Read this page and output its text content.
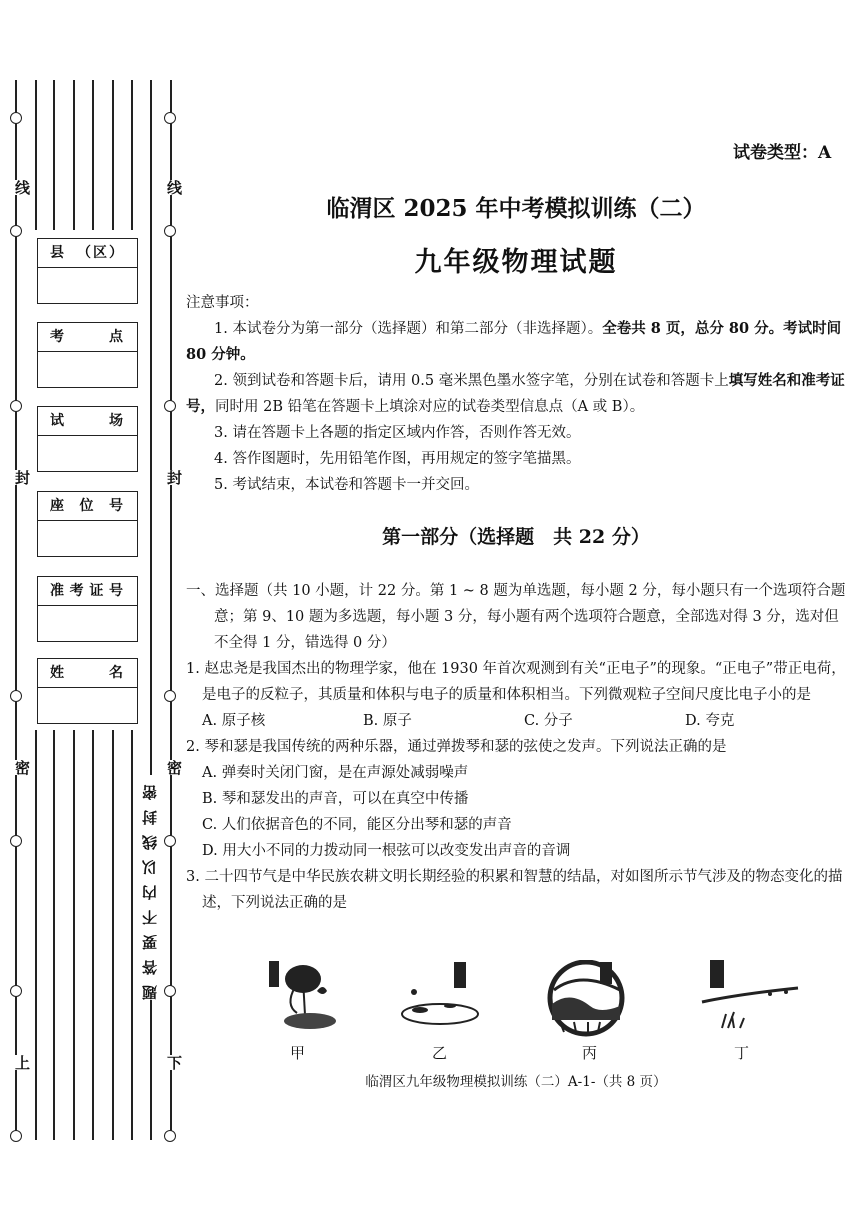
线
封
密
上
线
封
密
下
县 （区）
考	点
试	场
座 位 号
准 考 证 号
姓	名
题答要不内以线封密
试卷类型：A
临渭区 2025 年中考模拟训练（二）
九年级物理试题

注意事项：

1. 本试卷分为第一部分（选择题）和第二部分（非选择题）。全卷共 8 页，总分 80 分。考试时间 80 分钟。

2. 领到试卷和答题卡后，请用 0.5 毫米黑色墨水签字笔，分别在试卷和答题卡上填写姓名和准考证号，同时用 2B 铅笔在答题卡上填涂对应的试卷类型信息点（A 或 B）。

3. 请在答题卡上各题的指定区域内作答，否则作答无效。

4. 答作图题时，先用铅笔作图，再用规定的签字笔描黑。

5. 考试结束，本试卷和答题卡一并交回。

第一部分（选择题　共 22 分）

一、选择题（共 10 小题，计 22 分。第 1 ~ 8 题为单选题，每小题 2 分，每小题只有一个选项符合题意；第 9、10 题为多选题，每小题 3 分，每小题有两个选项符合题意，全部选对得 3 分，选对但不全得 1 分，错选得 0 分）

1. 赵忠尧是我国杰出的物理学家，他在 1930 年首次观测到有关“正电子”的现象。“正电子”带正电荷，是电子的反粒子，其质量和体积与电子的质量和体积相当。下列微观粒子空间尺度比电子小的是

A. 原子核	B. 原子	C. 分子	D. 夸克

2. 琴和瑟是我国传统的两种乐器，通过弹拨琴和瑟的弦使之发声。下列说法正确的是

A. 弹奏时关闭门窗，是在声源处减弱噪声

B. 琴和瑟发出的声音，可以在真空中传播

C. 人们依据音色的不同，能区分出琴和瑟的声音

D. 用大小不同的力拨动同一根弦可以改变发出声音的音调

3. 二十四节气是中华民族农耕文明长期经验的积累和智慧的结晶，对如图所示节气涉及的物态变化的描述，下列说法正确的是

甲	乙	丙	丁
临渭区九年级物理模拟训练（二）A-1-（共 8 页）
